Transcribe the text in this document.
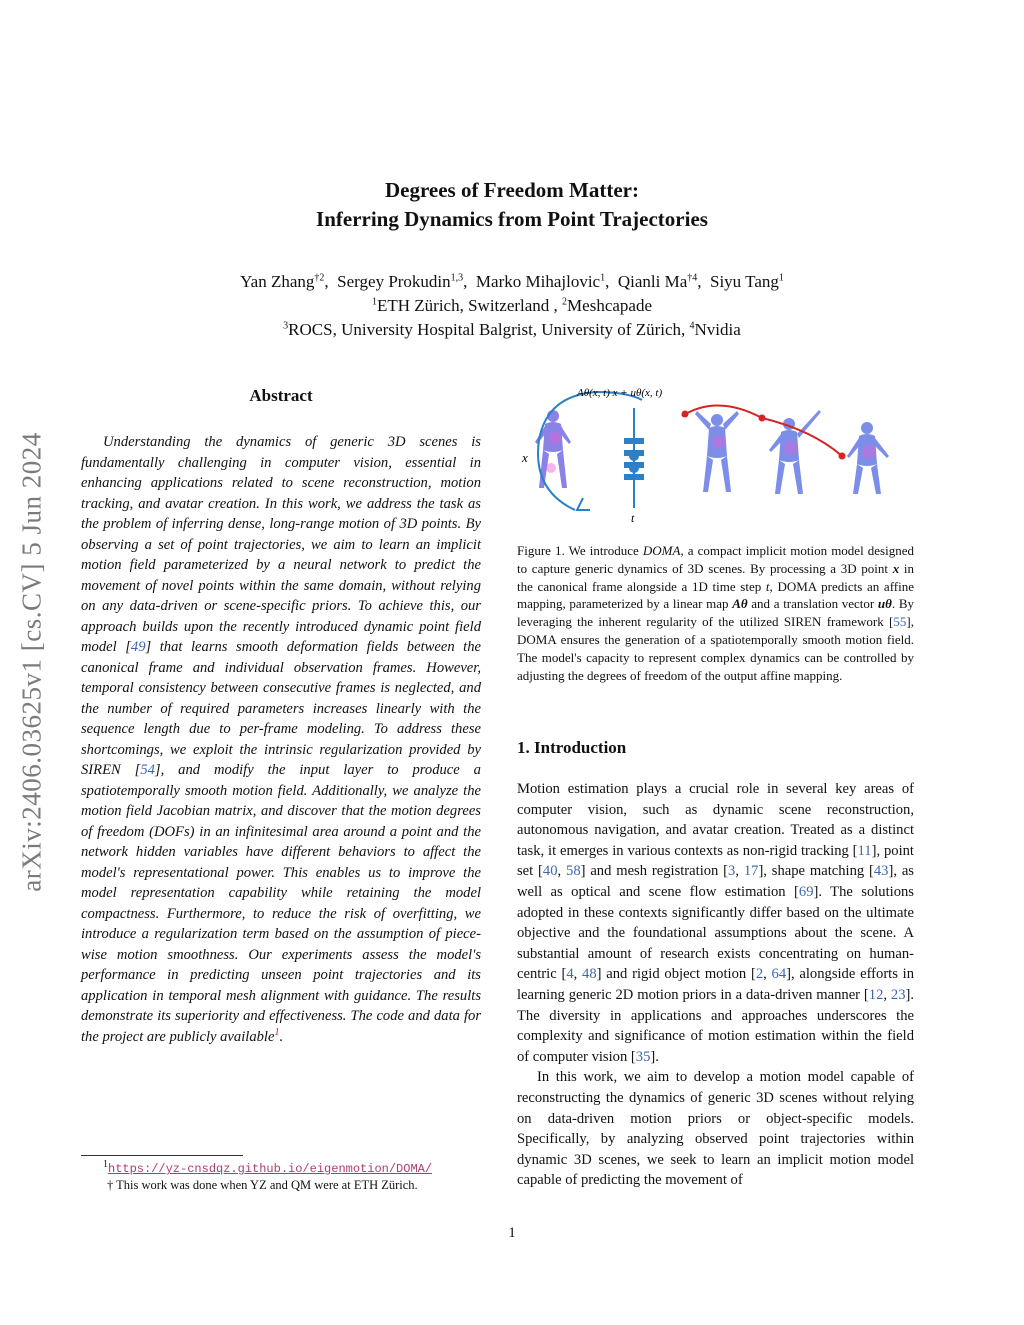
Degrees of Freedom Matter:
Inferring Dynamics from Point Trajectories
Yan Zhang$^{\dagger 2}$,  Sergey Prokudin$^{1,3}$,  Marko Mihajlovic$^1$,  Qianli Ma$^{\dagger 4}$,  Siyu Tang$^1$
$^1$ETH Zürich, Switzerland , $^2$Meshcapade
$^3$ROCS, University Hospital Balgrist, University of Zürich, $^4$Nvidia
arXiv:2406.03625v1 [cs.CV] 5 Jun 2024
Abstract
Understanding the dynamics of generic 3D scenes is fundamentally challenging in computer vision, essential in enhancing applications related to scene reconstruction, motion tracking, and avatar creation. In this work, we address the task as the problem of inferring dense, long-range motion of 3D points. By observing a set of point trajectories, we aim to learn an implicit motion field parameterized by a neural network to predict the movement of novel points within the same domain, without relying on any data-driven or scene-specific priors. To achieve this, our approach builds upon the recently introduced dynamic point field model [49] that learns smooth deformation fields between the canonical frame and individual observation frames. However, temporal consistency between consecutive frames is neglected, and the number of required parameters increases linearly with the sequence length due to per-frame modeling. To address these shortcomings, we exploit the intrinsic regularization provided by SIREN [54], and modify the input layer to produce a spatiotemporally smooth motion field. Additionally, we analyze the motion field Jacobian matrix, and discover that the motion degrees of freedom (DOFs) in an infinitesimal area around a point and the network hidden variables have different behaviors to affect the model's representational power. This enables us to improve the model representation capability while retaining the model compactness. Furthermore, to reduce the risk of overfitting, we introduce a regularization term based on the assumption of piece-wise motion smoothness. Our experiments assess the model's performance in predicting unseen point trajectories and its application in temporal mesh alignment with guidance. The results demonstrate its superiority and effectiveness. The code and data for the project are publicly available$^1$.
$^1$https://yz-cnsdqz.github.io/eigenmotion/DOMA/
† This work was done when YZ and QM were at ETH Zürich.
x
Aθ(x, t) x + uθ(x, t)
t
Figure 1. We introduce DOMA, a compact implicit motion model designed to capture generic dynamics of 3D scenes. By processing a 3D point x in the canonical frame alongside a 1D time step t, DOMA predicts an affine mapping, parameterized by a linear map Aθ and a translation vector uθ. By leveraging the inherent regularity of the utilized SIREN framework [55], DOMA ensures the generation of a spatiotemporally smooth motion field. The model's capacity to represent complex dynamics can be controlled by adjusting the degrees of freedom of the output affine mapping.
1. Introduction

Motion estimation plays a crucial role in several key areas of computer vision, such as dynamic scene reconstruction, autonomous navigation, and avatar creation. Treated as a distinct task, it emerges in various contexts as non-rigid tracking [11], point set [40, 58] and mesh registration [3, 17], shape matching [43], as well as optical and scene flow estimation [69]. The solutions adopted in these contexts significantly differ based on the ultimate objective and the foundational assumptions about the scene. A substantial amount of research exists concentrating on human-centric [4, 48] and rigid object motion [2, 64], alongside efforts in learning generic 2D motion priors in a data-driven manner [12, 23]. The diversity in applications and approaches underscores the complexity and significance of motion estimation within the field of computer vision [35].

In this work, we aim to develop a motion model capable of reconstructing the dynamics of generic 3D scenes without relying on data-driven motion priors or object-specific models. Specifically, by analyzing observed point trajectories within dynamic 3D scenes, we seek to learn an implicit motion model capable of predicting the movement of

1
